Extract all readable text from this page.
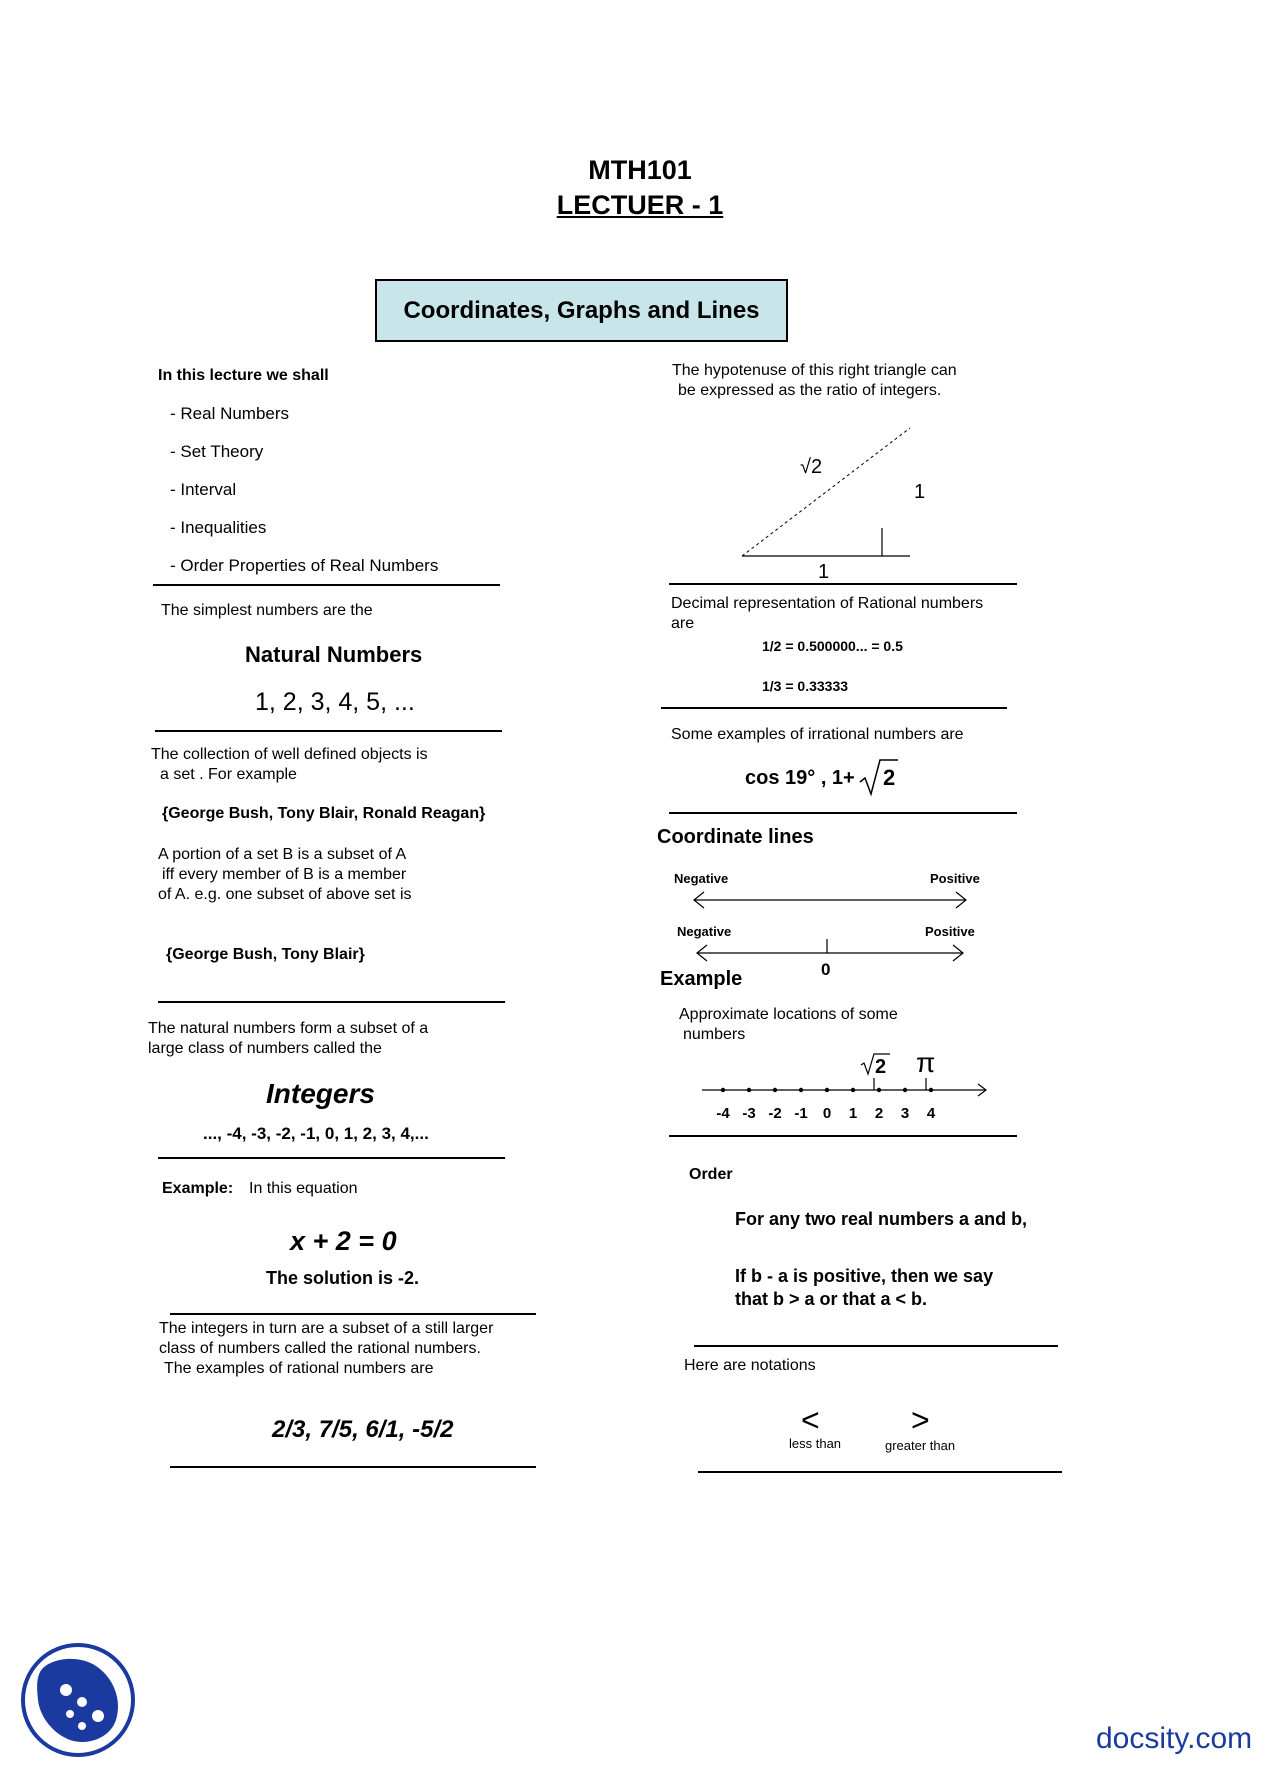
MTH101
LECTUER - 1
Coordinates, Graphs and Lines
In this lecture we shall
- Real Numbers
- Set Theory
- Interval
- Inequalities
- Order Properties of Real Numbers
The simplest numbers are the
Natural Numbers
1, 2, 3, 4, 5, ...
The collection of well defined objects is
a set . For example
{George Bush, Tony Blair, Ronald Reagan}
A portion of a set B is a subset of A
iff every member of B is a member
of A. e.g. one subset of above set is
{George Bush, Tony Blair}
The natural numbers form a subset of a
large class of numbers called the
Integers
..., -4, -3, -2, -1, 0, 1, 2, 3, 4,...
Example: In this equation
x + 2 = 0
The solution is -2.
The integers in turn are a subset of a still larger
class of numbers called the rational numbers.
The examples of rational numbers are
2/3, 7/5, 6/1, -5/2
The hypotenuse of this right triangle can
be expressed as the ratio of integers.
√2
1
1
Decimal representation of Rational numbers
are
1/2 = 0.500000... = 0.5
1/3 = 0.33333
Some examples of irrational numbers are
cos 19° , 1+ 2
Coordinate lines
Negative	Positive
Negative	Positive
0
Example
Approximate locations of some
numbers
-4 -3 -2 -1 0 1 2 3 4
2 π
Order
For any two real numbers a and b,
If b - a is positive, then we say
that b > a or that a < b.
Here are notations
<
less than
>
greater than
docsity.com
